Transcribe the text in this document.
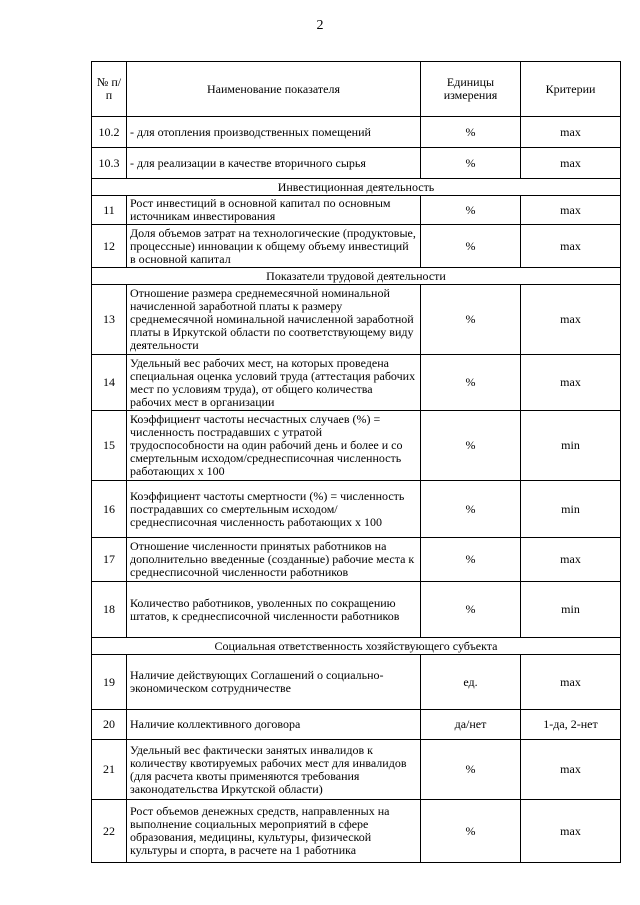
2
№ п/п	Наименование показателя	Единицы измерения	Критерии
10.2	- для отопления производственных помещений	%	max
10.3	- для реализации в качестве вторичного сырья	%	max
Инвестиционная деятельность			
11	Рост инвестиций в основной капитал по основным источникам инвестирования	%	max
12	Доля объемов затрат на технологические (продуктовые, процессные) инновации к общему объему инвестиций в основной капитал	%	max
Показатели трудовой деятельности			
13	Отношение размера среднемесячной номинальной начисленной заработной платы к размеру среднемесячной номинальной начисленной заработной платы в Иркутской области по соответствующему виду деятельности	%	max
14	Удельный вес рабочих мест, на которых проведена специальная оценка условий труда (аттестация рабочих мест по условиям труда), от общего количества рабочих мест в организации	%	max
15	Коэффициент частоты несчастных случаев (%) = численность пострадавших с утратой трудоспособности на один рабочий день и более и со смертельным исходом/среднесписочная численность работающих х 100	%	min
16	Коэффициент частоты смертности (%) = численность пострадавших со смертельным исходом/среднесписочная численность работающих х 100	%	min
17	Отношение численности принятых работников на дополнительно введенные (созданные) рабочие места к среднесписочной численности работников	%	max
18	Количество работников, уволенных по сокращению штатов, к среднесписочной численности работников	%	min
Социальная ответственность хозяйствующего субъекта			
19	Наличие действующих Соглашений о социально-экономическом сотрудничестве	ед.	max
20	Наличие коллективного договора	да/нет	1-да, 2-нет
21	Удельный вес фактически занятых инвалидов к количеству квотируемых рабочих мест для инвалидов (для расчета квоты применяются требования законодательства Иркутской области)	%	max
22	Рост объемов денежных средств, направленных на выполнение социальных мероприятий в сфере образования, медицины, культуры, физической культуры и спорта, в расчете на 1 работника	%	max
